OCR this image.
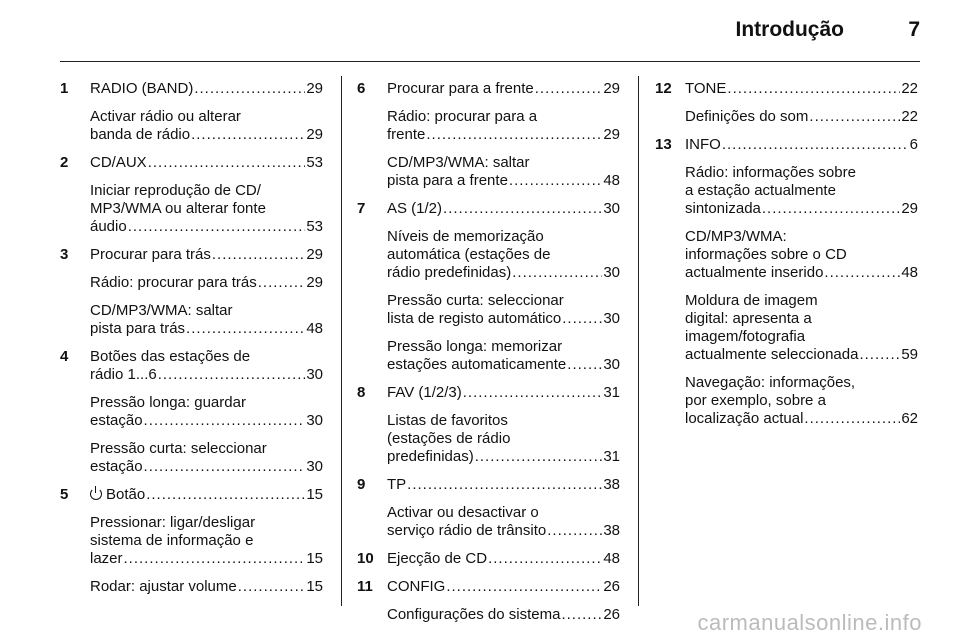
Introdução	7
1 RADIO (BAND) .....	29
Activar rádio ou alterar
banda de rádio .....	29
2 CD/AUX .....	53
Iniciar reprodução de CD/
MP3/WMA ou alterar fonte
áudio .....	53
3 Procurar para trás .....	29
Rádio: procurar para trás .....	29
CD/MP3/WMA: saltar
pista para trás .....	48
4 Botões das estações de
rádio 1...6 .....	30
Pressão longa: guardar
estação .....	30
Pressão curta: seleccionar
estação .....	30
5	Botão .....	15
Pressionar: ligar/desligar
sistema de informação e
lazer .....	15
Rodar: ajustar volume .....	15
6 Procurar para a frente .....	29
Rádio: procurar para a
frente .....	29
CD/MP3/WMA: saltar
pista para a frente .....	48
7 AS (1/2) .....	30
Níveis de memorização
automática (estações de
rádio predefinidas) .....	30
Pressão curta: seleccionar
lista de registo automático .....	30
Pressão longa: memorizar
estações automaticamente ..... 30
8 FAV (1/2/3) .....	31
Listas de favoritos
(estações de rádio
predefinidas) .....	31
9 TP .....	38
Activar ou desactivar o
serviço rádio de trânsito .....	38
10 Ejecção de CD .....	48
11 CONFIG .....	26
Configurações do sistema .....	26
12 TONE .....	22
Definições do som .....	22
13 INFO .....	6
Rádio: informações sobre
a estação actualmente
sintonizada .....	29
CD/MP3/WMA:
informações sobre o CD
actualmente inserido .....	48
Moldura de imagem
digital: apresenta a
imagem/fotografia
actualmente seleccionada .....	59
Navegação: informações,
por exemplo, sobre a
localização actual .....	62
carmanualsonline.info
